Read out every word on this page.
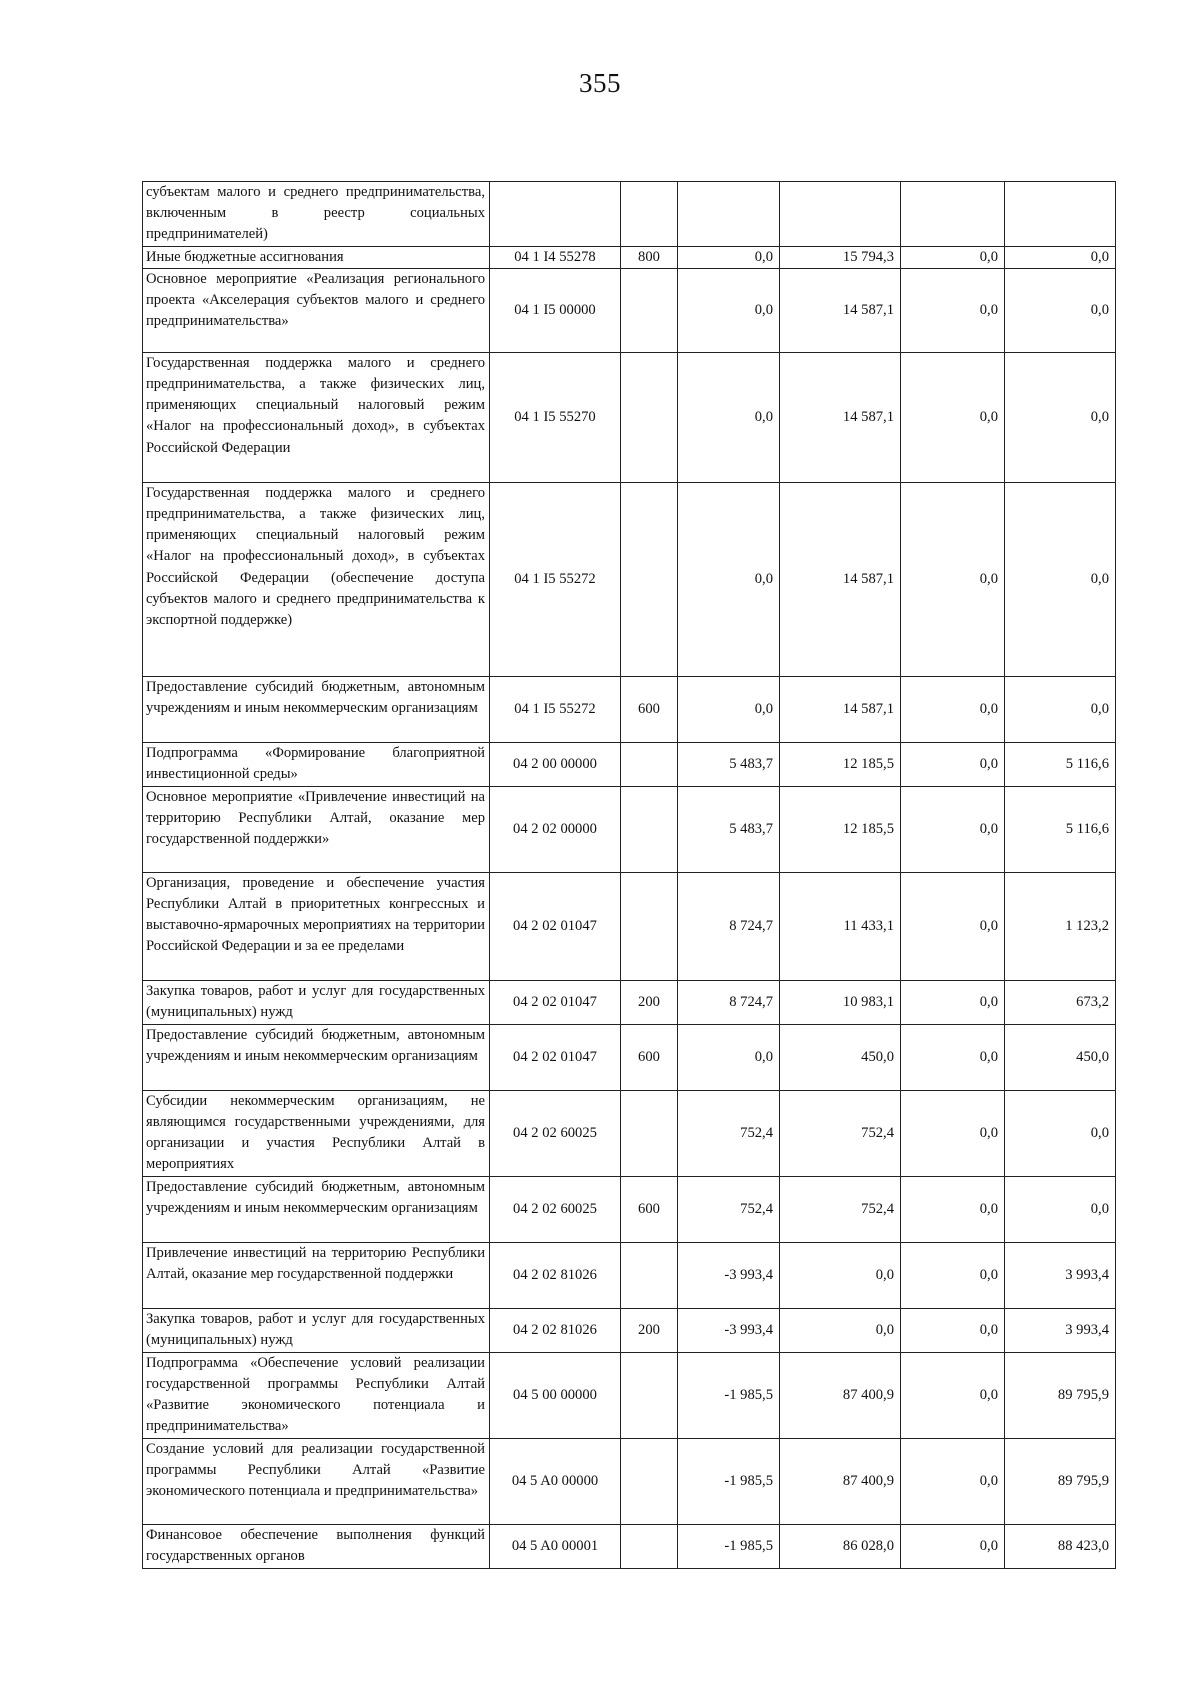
355
субъектам малого и среднего предпринимательства, включенным в реестр социальных предпринимателей)						
Иные бюджетные ассигнования	04 1 I4 55278	800	0,0	15 794,3	0,0	0,0
Основное мероприятие «Реализация регионального проекта «Акселерация субъектов малого и среднего предпринимательства»	04 1 I5 00000		0,0	14 587,1	0,0	0,0
Государственная поддержка малого и среднего предпринимательства, а также физических лиц, применяющих специальный налоговый режим «Налог на профессиональный доход», в субъектах Российской Федерации	04 1 I5 55270		0,0	14 587,1	0,0	0,0
Государственная поддержка малого и среднего предпринимательства, а также физических лиц, применяющих специальный налоговый режим «Налог на профессиональный доход», в субъектах Российской Федерации (обеспечение доступа субъектов малого и среднего предпринимательства к экспортной поддержке)	04 1 I5 55272		0,0	14 587,1	0,0	0,0
Предоставление субсидий бюджетным, автономным учреждениям и иным некоммерческим организациям	04 1 I5 55272	600	0,0	14 587,1	0,0	0,0
Подпрограмма «Формирование благоприятной инвестиционной среды»	04 2 00 00000		5 483,7	12 185,5	0,0	5 116,6
Основное мероприятие «Привлечение инвестиций на территорию Республики Алтай, оказание мер государственной поддержки»	04 2 02 00000		5 483,7	12 185,5	0,0	5 116,6
Организация, проведение и обеспечение участия Республики Алтай в приоритетных конгрессных и выставочно-ярмарочных мероприятиях на территории Российской Федерации и за ее пределами	04 2 02 01047		8 724,7	11 433,1	0,0	1 123,2
Закупка товаров, работ и услуг для государственных (муниципальных) нужд	04 2 02 01047	200	8 724,7	10 983,1	0,0	673,2
Предоставление субсидий бюджетным, автономным учреждениям и иным некоммерческим организациям	04 2 02 01047	600	0,0	450,0	0,0	450,0
Субсидии некоммерческим организациям, не являющимся государственными учреждениями, для организации и участия Республики Алтай в мероприятиях	04 2 02 60025		752,4	752,4	0,0	0,0
Предоставление субсидий бюджетным, автономным учреждениям и иным некоммерческим организациям	04 2 02 60025	600	752,4	752,4	0,0	0,0
Привлечение инвестиций на территорию Республики Алтай, оказание мер государственной поддержки	04 2 02 81026		-3 993,4	0,0	0,0	3 993,4
Закупка товаров, работ и услуг для государственных (муниципальных) нужд	04 2 02 81026	200	-3 993,4	0,0	0,0	3 993,4
Подпрограмма «Обеспечение условий реализации государственной программы Республики Алтай «Развитие экономического потенциала и предпринимательства»	04 5 00 00000		-1 985,5	87 400,9	0,0	89 795,9
Создание условий для реализации государственной программы Республики Алтай «Развитие экономического потенциала и предпринимательства»	04 5 A0 00000		-1 985,5	87 400,9	0,0	89 795,9
Финансовое обеспечение выполнения функций государственных органов	04 5 A0 00001		-1 985,5	86 028,0	0,0	88 423,0
